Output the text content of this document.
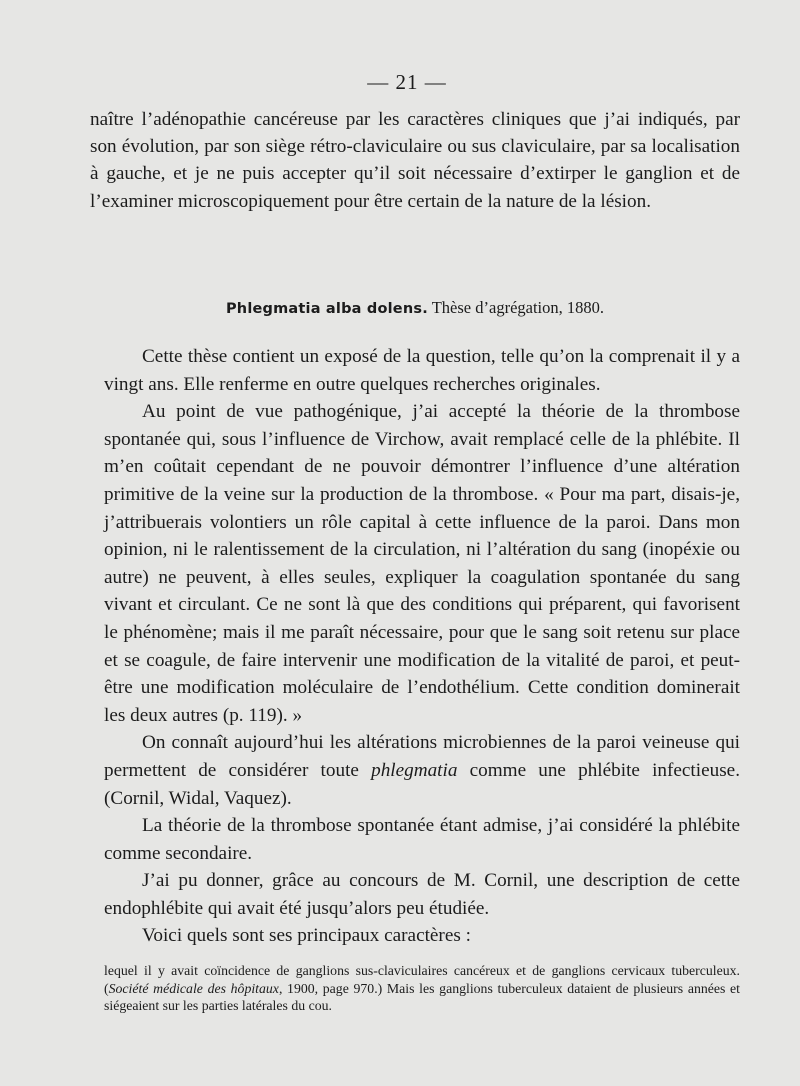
— 21 —

naître l’adénopathie cancéreuse par les caractères cliniques que j’ai indiqués, par son évolution, par son siège rétro-claviculaire ou sus claviculaire, par sa localisation à gauche, et je ne puis accepter qu’il soit nécessaire d’extirper le ganglion et de l’examiner microscopiquement pour être certain de la nature de la lésion.

Phlegmatia alba dolens. Thèse d’agrégation, 1880.

Cette thèse contient un exposé de la question, telle qu’on la comprenait il y a vingt ans. Elle renferme en outre quelques recherches originales.

Au point de vue pathogénique, j’ai accepté la théorie de la thrombose spontanée qui, sous l’influence de Virchow, avait remplacé celle de la phlébite. Il m’en coûtait cependant de ne pouvoir démontrer l’influence d’une altération primitive de la veine sur la production de la thrombose. « Pour ma part, disais-je, j’attribuerais volontiers un rôle capital à cette influence de la paroi. Dans mon opinion, ni le ralentissement de la circulation, ni l’altération du sang (inopéxie ou autre) ne peuvent, à elles seules, expliquer la coagulation spontanée du sang vivant et circulant. Ce ne sont là que des conditions qui préparent, qui favorisent le phénomène; mais il me paraît nécessaire, pour que le sang soit retenu sur place et se coagule, de faire intervenir une modification de la vitalité de paroi, et peut-être une modification moléculaire de l’endothélium. Cette condition dominerait les deux autres (p. 119). »

On connaît aujourd’hui les altérations microbiennes de la paroi veineuse qui permettent de considérer toute phlegmatia comme une phlébite infectieuse. (Cornil, Widal, Vaquez).

La théorie de la thrombose spontanée étant admise, j’ai considéré la phlébite comme secondaire.

J’ai pu donner, grâce au concours de M. Cornil, une description de cette endophlébite qui avait été jusqu’alors peu étudiée.

Voici quels sont ses principaux caractères :

lequel il y avait coïncidence de ganglions sus-claviculaires cancéreux et de ganglions cervicaux tuberculeux. (Société médicale des hôpitaux, 1900, page 970.) Mais les ganglions tuberculeux dataient de plusieurs années et siégeaient sur les parties latérales du cou.
